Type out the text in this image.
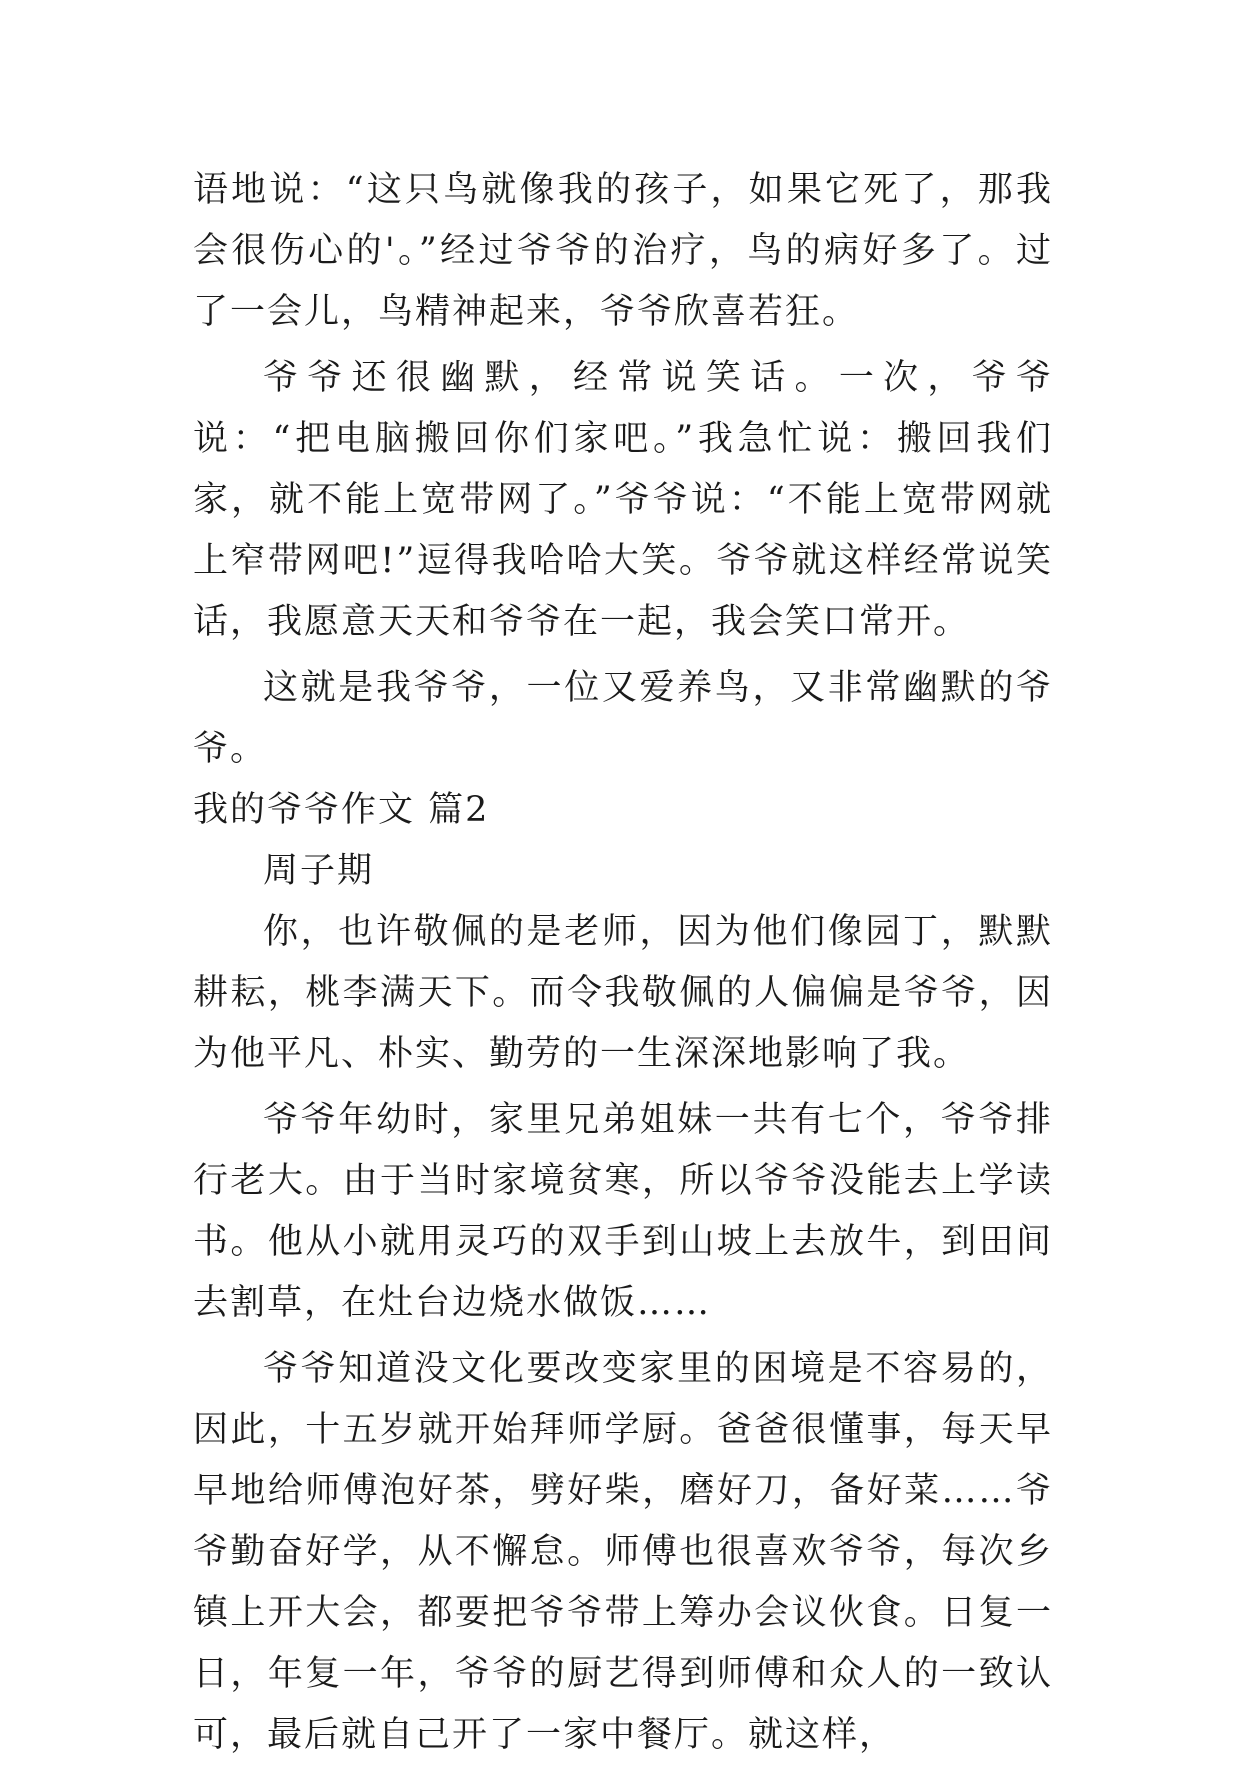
语地说：“这只鸟就像我的孩子，如果它死了，那我会很伤心的'。”经过爷爷的治疗，鸟的病好多了。过了一会儿，鸟精神起来，爷爷欣喜若狂。

爷爷还很幽默，经常说笑话。一次，爷爷说：“把电脑搬回你们家吧。”我急忙说：搬回我们家，就不能上宽带网了。”爷爷说：“不能上宽带网就上窄带网吧!”逗得我哈哈大笑。爷爷就这样经常说笑话，我愿意天天和爷爷在一起，我会笑口常开。

这就是我爷爷，一位又爱养鸟，又非常幽默的爷爷。

我的爷爷作文 篇2

周子期

你，也许敬佩的是老师，因为他们像园丁，默默耕耘，桃李满天下。而令我敬佩的人偏偏是爷爷，因为他平凡、朴实、勤劳的一生深深地影响了我。

爷爷年幼时，家里兄弟姐妹一共有七个，爷爷排行老大。由于当时家境贫寒，所以爷爷没能去上学读书。他从小就用灵巧的双手到山坡上去放牛，到田间去割草，在灶台边烧水做饭……

爷爷知道没文化要改变家里的困境是不容易的，因此，十五岁就开始拜师学厨。爸爸很懂事，每天早早地给师傅泡好茶，劈好柴，磨好刀，备好菜……爷爷勤奋好学，从不懈怠。师傅也很喜欢爷爷，每次乡镇上开大会，都要把爷爷带上筹办会议伙食。日复一日，年复一年，爷爷的厨艺得到师傅和众人的一致认可，最后就自己开了一家中餐厅。就这样，
